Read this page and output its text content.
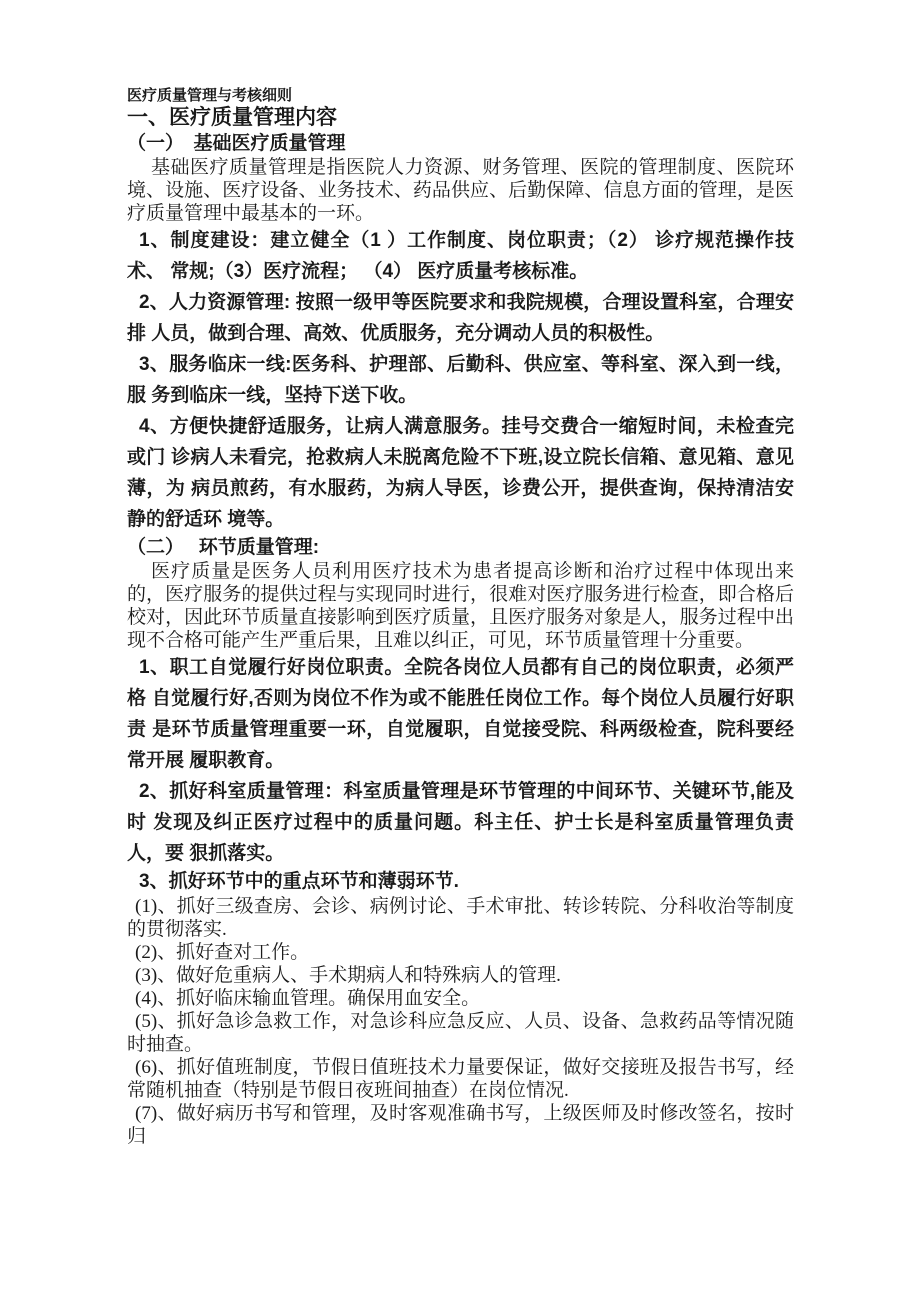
医疗质量管理与考核细则

一、医疗质量管理内容
（一）　基础医疗质量管理

基础医疗质量管理是指医院人力资源、财务管理、医院的管理制度、医院环境、设施、医疗设备、业务技术、药品供应、后勤保障、信息方面的管理，是医疗质量管理中最基本的一环。

1、制度建设：建立健全（1 ）工作制度、岗位职责；（2） 诊疗规范操作技术、 常规;（3）医疗流程； （4） 医疗质量考核标准。

2、人力资源管理: 按照一级甲等医院要求和我院规模，合理设置科室，合理安排 人员，做到合理、高效、优质服务，充分调动人员的积极性。

3、服务临床一线:医务科、护理部、后勤科、供应室、等科室、深入到一线，服 务到临床一线，坚持下送下收。

4、方便快捷舒适服务，让病人满意服务。挂号交费合一缩短时间，未检查完或门 诊病人未看完，抢救病人未脱离危险不下班,设立院长信箱、意见箱、意见薄，为 病员煎药，有水服药，为病人导医，诊费公开，提供查询，保持清洁安静的舒适环 境等。

（二）　 环节质量管理:

医疗质量是医务人员利用医疗技术为患者提高诊断和治疗过程中体现出来 的，医疗服务的提供过程与实现同时进行，很难对医疗服务进行检查，即合格后校对，因此环节质量直接影响到医疗质量，且医疗服务对象是人，服务过程中出现不合格可能产生严重后果，且难以纠正，可见，环节质量管理十分重要。

1、职工自觉履行好岗位职责。全院各岗位人员都有自己的岗位职责，必须严格 自觉履行好,否则为岗位不作为或不能胜任岗位工作。每个岗位人员履行好职责 是环节质量管理重要一环，自觉履职，自觉接受院、科两级检查，院科要经常开展 履职教育。

2、抓好科室质量管理：科室质量管理是环节管理的中间环节、关键环节,能及时 发现及纠正医疗过程中的质量问题。科主任、护士长是科室质量管理负责人，要 狠抓落实。

3、抓好环节中的重点环节和薄弱环节.

(1)、抓好三级查房、会诊、病例讨论、手术审批、转诊转院、分科收治等制度的贯彻落实.

(2)、抓好查对工作。

(3)、做好危重病人、手术期病人和特殊病人的管理.

(4)、抓好临床输血管理。确保用血安全。

(5)、抓好急诊急救工作，对急诊科应急反应、人员、设备、急救药品等情况随 时抽查。

(6)、抓好值班制度，节假日值班技术力量要保证，做好交接班及报告书写，经常随机抽查（特别是节假日夜班间抽查）在岗位情况.

(7)、做好病历书写和管理，及时客观准确书写，上级医师及时修改签名，按时归
